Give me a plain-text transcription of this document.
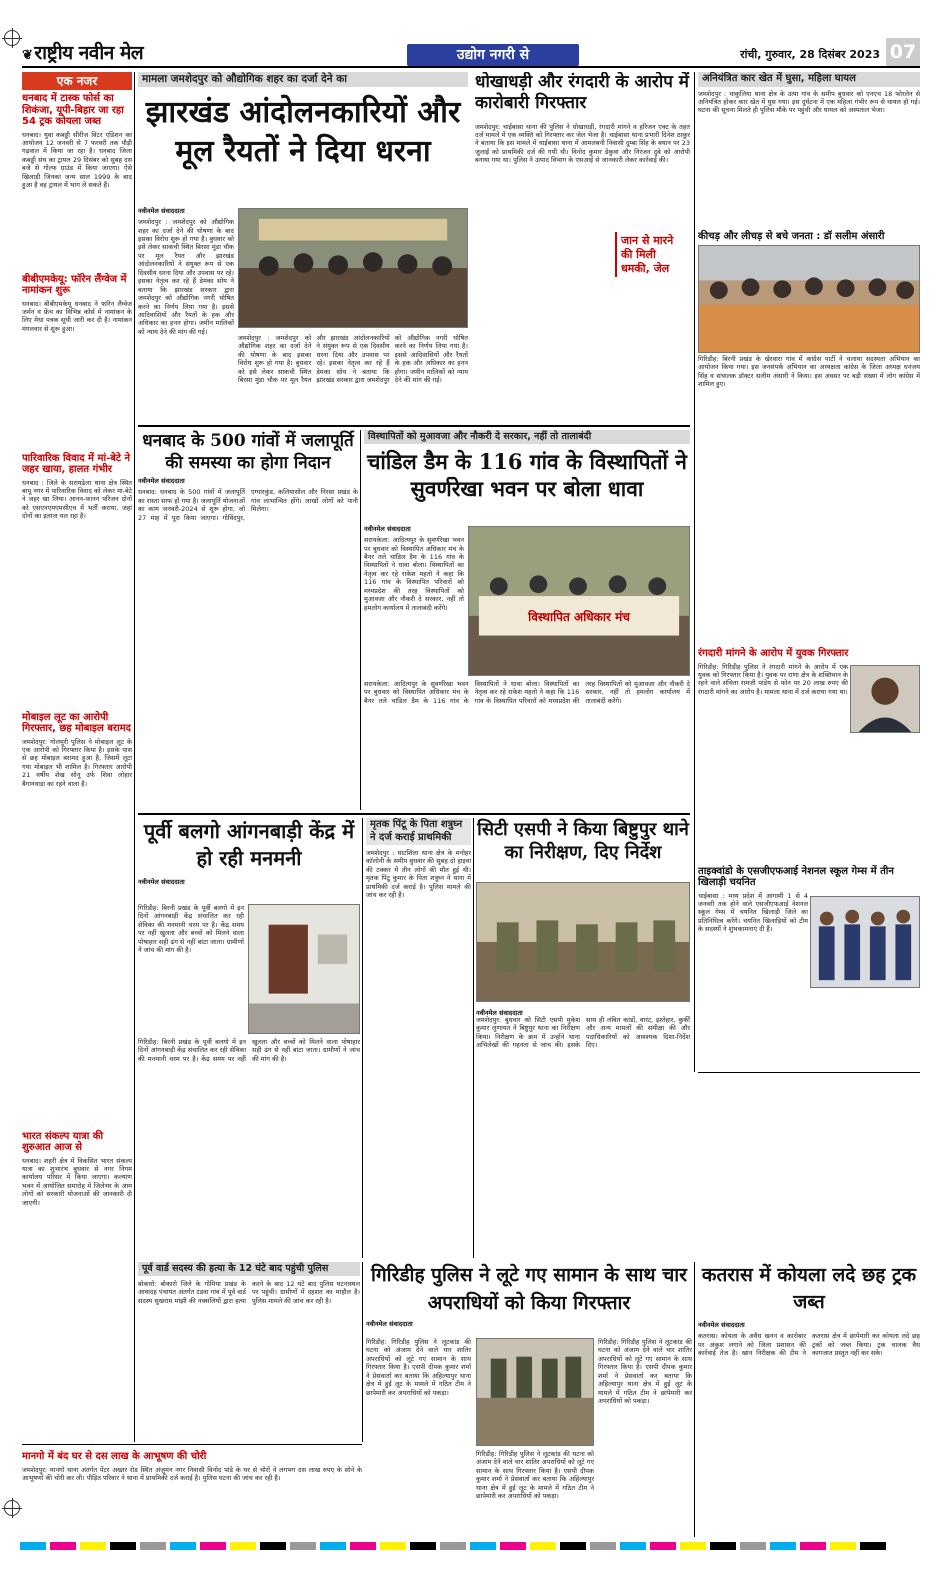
❦ राष्ट्रीय नवीन मेल	उद्योग नगरी से	रांची, गुरुवार, 28 दिसंबर 2023 07
एक नजर
धनबाद में टास्क फोर्स का शिकंजा, यूपी-बिहार जा रहा 54 ट्रक कोयला जब्त
धनबाद। युवा कबड्डी सीरीज विंटर एडिशन का आयोजन 12 जनवरी से 7 फरवरी तक पौड़ी गढ़वाल में किया जा रहा है। धनबाद जिला कबड्डी संघ का ट्रायल 29 दिसंबर को सुबह दस बजे से गोल्फ ग्राउंड में किया जाएगा। ऐसे खिलाड़ी जिनका जन्म साल 1999 के बाद हुआ है वह ट्रायल में भाग ले सकते हैं।
बीबीएमकेयू: फॉरेन लैंग्वेज में नामांकन शुरू
धनबाद। बीबीएमकेयू धनबाद ने फॉरेन लैंग्वेज जर्मन व फ्रेंच का विभिन्न कोर्स में नामांकन के लिए मेधा पत्रक सूची जारी कर दी है। नामांकन मंगलवार से शुरू हुआ।
पारिवारिक विवाद में मां-बेटे ने जहर खाया, हालत गंभीर
धनबाद : जिले के सरायढेला थाना क्षेत्र स्थित बापू नगर में पारिवारिक विवाद को लेकर मां-बेटे ने जहर खा लिया। आनन-फानन परिजन दोनों को एसएनएमएमसीएच में भर्ती कराया, जहां दोनों का इलाज चल रहा है।
मोबाइल लूट का आरोपी गिरफ्तार, छह मोबाइल बरामद
जमशेदपुर: गोलमुरी पुलिस ने मोबाइल लूट के एक आरोपी को गिरफ्तार किया है। इसके पास से छह मोबाइल बरामद हुआ है, जिसमें लूटा गया मोबाइल भी शामिल है। गिरफ्तार आरोपी 21 वर्षीय शेख सोनू उर्फ शिवा लोहार बैगानवाड़ा का रहने वाला है।
भारत संकल्प यात्रा की शुरुआत आज से
धनबाद। शहरी क्षेत्र में विकसित भारत संकल्प यात्रा का शुभारंभ बुधवार से नगर निगम कार्यालय परिसर में किया जाएगा। कल्याण भवन में आयोजित समारोह में जिलेभर के आम लोगों को सरकारी योजनाओं की जानकारी दी जाएगी।
मामला जमशेदपुर को औद्योगिक शहर का दर्जा देने का
झारखंड आंदोलनकारियों और मूल रैयतों ने दिया धरना
नवीनमेल संवाददाता
जमशेदपुर : जमशेदपुर को औद्योगिक शहर का दर्जा देने की घोषणा के बाद इसका विरोध शुरू हो गया है। बुधवार को इसे लेकर साकची स्थित बिरसा मुंडा चौक पर मूल रैयत और झारखंड आंदोलनकारियों ने संयुक्त रूप से एक दिवसीय धरना दिया और उपवास पर रहे। इसका नेतृत्व कर रहे हैं डेमका सोय ने बताया कि झारखंड सरकार द्वारा जमशेदपुर को औद्योगिक नगरी घोषित करने का निर्णय लिया गया है। इससे आदिवासियों और रैयतों के हक और अधिकार का हनन होगा। जमीन मालिकों को न्याय देने की मांग की गई।
जमशेदपुर : जमशेदपुर को औद्योगिक शहर का दर्जा देने की घोषणा के बाद इसका विरोध शुरू हो गया है। बुधवार को इसे लेकर साकची स्थित बिरसा मुंडा चौक पर मूल रैयत और झारखंड आंदोलनकारियों ने संयुक्त रूप से एक दिवसीय धरना दिया और उपवास पर रहे। इसका नेतृत्व कर रहे हैं डेमका सोय ने बताया कि झारखंड सरकार द्वारा जमशेदपुर को औद्योगिक नगरी घोषित करने का निर्णय लिया गया है। इससे आदिवासियों और रैयतों के हक और अधिकार का हनन होगा। जमीन मालिकों को न्याय देने की मांग की गई।
धोखाधड़ी और रंगदारी के आरोप में कारोबारी गिरफ्तार
जमशेदपुर: चाईबासा थाना की पुलिस ने धोखाधड़ी, रंगदारी मांगने व हरिजन एक्ट के तहत दर्ज मामले में एक व्यक्ति को गिरफ्तार कर जेल भेजा है। चाईबासा थाना प्रभारी दिनेश ठाकुर ने बताया कि इस मामले में चाईबासा थाना में आमलबनी निवासी दुम्बा सिंह के बयान पर 23 जुलाई को प्राथमिकी दर्ज की गयी थी। विनोद कुमार डेकुवा और निरंजन दुबे को आरोपी बनाया गया था। पुलिस ने उत्पाद विभाग के एसआई से जानकारी लेकर कार्रवाई की।
जान से मारने की मिली धमकी, जेल
अनियंत्रित कार खेत में घुसा, महिला घायल
जमशेदपुर : चाकुलिया थाना क्षेत्र के उत्पा गांव के समीप बुधवार को एनएच 18 फोरलेन से अनियंत्रित होकर कार खेत में घुस गया। इस दुर्घटना में एक महिला गंभीर रूप से घायल हो गई। घटना की सूचना मिलते ही पुलिस मौके पर पहुंची और घायल को अस्पताल भेजा।
कीचड़ और लीचड़ से बचे जनता : डॉ सलीम अंसारी
गिरिडीह: बिरनी प्रखंड के खेरवारा गांव में कांग्रेस पार्टी ने चलाया सदस्यता अभियान का आयोजन किया गया। इस जनसंपर्क अभियान का अध्यक्षता कांग्रेस के जिला अध्यक्ष धनंजय सिंह व संचालक डॉक्टर सलीम अंसारी ने किया। इस अवसर पर बड़ी संख्या में लोग कांग्रेस में शामिल हुए।
रंगदारी मांगने के आरोप में युवक गिरफ्तार
गिरिडीह: गिरिडीह पुलिस ने रंगदारी मांगने के आरोप में एक युवक को गिरफ्तार किया है। युवक पर राणा क्षेत्र के शक्तिमान के रहने वाले संचिता रामजी पांडेय से फोन पर 20 लाख रुपए की रंगदारी मांगने का आरोप है। मामला थाना में दर्ज कराया गया था।
ताइक्वांडो के एसजीएफआई नेशनल स्कूल गेम्स में तीन खिलाड़ी चयनित
चाईबासा : मध्य प्रदेश में आगामी 1 से 4 जनवरी तक होने वाले एसजीएफआई नेशनल स्कूल गेम्स में चयनित खिलाड़ी जिले का प्रतिनिधित्व करेंगे। चयनित खिलाड़ियों को टीम के सदस्यों ने शुभकामनाएं दी हैं।
धनबाद के 500 गांवों में जलापूर्ति की समस्या का होगा निदान
नवीनमेल संवाददाता
धनबाद: धनबाद के 500 गांवों में जलापूर्ति का रास्ता साफ हो गया है। जलापूर्ति योजनाओं का काम जनवरी-2024 से शुरू होगा, जो 27 माह में पूरा किया जाएगा। गोविंदपुर, एग्यारकुंड, कलियासोल और निरसा प्रखंड के गांव लाभान्वित होंगे। लाखों लोगों को पानी मिलेगा।
विस्थापितों को मुआवजा और नौकरी दे सरकार, नहीं तो तालाबंदी
चांडिल डैम के 116 गांव के विस्थापितों ने सुवर्णरेखा भवन पर बोला धावा
नवीनमेल संवाददाता
सरायकेला: आदित्यपुर के सुवर्णरेखा भवन पर बुधवार को विस्थापित अधिकार मंच के बैनर तले चांडिल डैम के 116 गांव के विस्थापितों ने धावा बोला। विस्थापितों का नेतृत्व कर रहे राकेश महतो ने कहा कि 116 गांव के विस्थापित परिवारों को मध्यप्रदेश की तरह विस्थापितों को मुआवजा और नौकरी दे सरकार, नहीं तो हमलोग कार्यालय में तालाबंदी करेंगे।
विस्थापित अधिकार मंच
सरायकेला: आदित्यपुर के सुवर्णरेखा भवन पर बुधवार को विस्थापित अधिकार मंच के बैनर तले चांडिल डैम के 116 गांव के विस्थापितों ने धावा बोला। विस्थापितों का नेतृत्व कर रहे राकेश महतो ने कहा कि 116 गांव के विस्थापित परिवारों को मध्यप्रदेश की तरह विस्थापितों को मुआवजा और नौकरी दे सरकार, नहीं तो हमलोग कार्यालय में तालाबंदी करेंगे।
पूर्वी बलगो आंगनबाड़ी केंद्र में हो रही मनमनी
नवीनमेल संवाददाता
गिरिडीह: बिरनी प्रखंड के पूर्वी बलगो में इन दिनों आंगनबाड़ी केंद्र संचालित कर रही सेविका की मनमानी चरम पर है। केंद्र समय पर नहीं खुलता और बच्चों को मिलने वाला पोषाहार सही ढंग से नहीं बांटा जाता। ग्रामीणों ने जांच की मांग की है।
गिरिडीह: बिरनी प्रखंड के पूर्वी बलगो में इन दिनों आंगनबाड़ी केंद्र संचालित कर रही सेविका की मनमानी चरम पर है। केंद्र समय पर नहीं खुलता और बच्चों को मिलने वाला पोषाहार सही ढंग से नहीं बांटा जाता। ग्रामीणों ने जांच की मांग की है।
मृतक पिंटू के पिता शत्रुघ्न ने दर्ज कराई प्राथमिकी
जमशेदपुर : घाटशिला थाना क्षेत्र के मनोहर कॉलोनी के समीप बुधवार की सुबह दो हाइवा की टक्कर में तीन लोगों की मौत हुई थी। मृतक पिंटू कुमार के पिता शत्रुघ्न ने थाना में प्राथमिकी दर्ज कराई है। पुलिस मामले की जांच कर रही है।
सिटी एसपी ने किया बिष्टुपुर थाने का निरीक्षण, दिए निर्देश
नवीनमेल संवाददाता
जमशेदपुर: बुधवार को सिटी एसपी मुकेश कुमार लुणायत ने बिष्टुपुर थाना का निरीक्षण किया। निरीक्षण के क्रम में उन्होंने थाना अभिलेखों की गहनता से जांच की। इसके साथ ही लंबित कांडों, वारंट, इश्तेहार, कुर्की और अन्य मामलों की समीक्षा की और पदाधिकारियों को आवश्यक दिशा-निर्देश दिए।
पूर्व वार्ड सदस्य की हत्या के 12 घंटे बाद पहुंची पुलिस
बोकारो: बोकारो जिले के गोमिया प्रखंड के आवादह पंचायत अंतर्गत टंडवा गांव में पूर्व वार्ड सदस्य सुखराम मांझी की नक्सलियों द्वारा हत्या करने के बाद 12 घंटे बाद पुलिस घटनास्थल पर पहुंची। ग्रामीणों में दहशत का माहौल है। पुलिस मामले की जांच कर रही है।
गिरिडीह पुलिस ने लूटे गए सामान के साथ चार अपराधियों को किया गिरफ्तार
नवीनमेल संवाददाता
गिरिडीह: गिरिडीह पुलिस ने लूटकांड की घटना को अंजाम देने वाले चार शातिर अपराधियों को लूटे गए सामान के साथ गिरफ्तार किया है। एसपी दीपक कुमार शर्मा ने प्रेसवार्ता कर बताया कि अहिल्यापुर थाना क्षेत्र में हुई लूट के मामले में गठित टीम ने छापेमारी कर अपराधियों को पकड़ा।
गिरिडीह: गिरिडीह पुलिस ने लूटकांड की घटना को अंजाम देने वाले चार शातिर अपराधियों को लूटे गए सामान के साथ गिरफ्तार किया है। एसपी दीपक कुमार शर्मा ने प्रेसवार्ता कर बताया कि अहिल्यापुर थाना क्षेत्र में हुई लूट के मामले में गठित टीम ने छापेमारी कर अपराधियों को पकड़ा।
गिरिडीह: गिरिडीह पुलिस ने लूटकांड की घटना को अंजाम देने वाले चार शातिर अपराधियों को लूटे गए सामान के साथ गिरफ्तार किया है। एसपी दीपक कुमार शर्मा ने प्रेसवार्ता कर बताया कि अहिल्यापुर थाना क्षेत्र में हुई लूट के मामले में गठित टीम ने छापेमारी कर अपराधियों को पकड़ा।
कतरास में कोयला लदे छह ट्रक जब्त
नवीनमेल संवाददाता
कतरास। कोयला के अवैध खनन व कारोबार पर अंकुश लगाने को जिला प्रशासन की कार्रवाई तेज है। खान निरीक्षक की टीम ने कतरास क्षेत्र में छापेमारी कर कोयला लदे छह ट्रकों को जब्त किया। ट्रक चालक वैध कागजात प्रस्तुत नहीं कर सके।
मानगो में बंद घर से दस लाख के आभूषण की चोरी
जमशेदपुर: मानगो थाना अंतर्गत पेंटर अख्तर रोड स्थित अंजुमन नगर निवासी विनोद पांडे के घर से चोरों ने लगभग दस लाख रुपए के सोने के आभूषणों की चोरी कर ली। पीड़ित परिवार ने थाना में प्राथमिकी दर्ज कराई है। पुलिस घटना की जांच कर रही है।
